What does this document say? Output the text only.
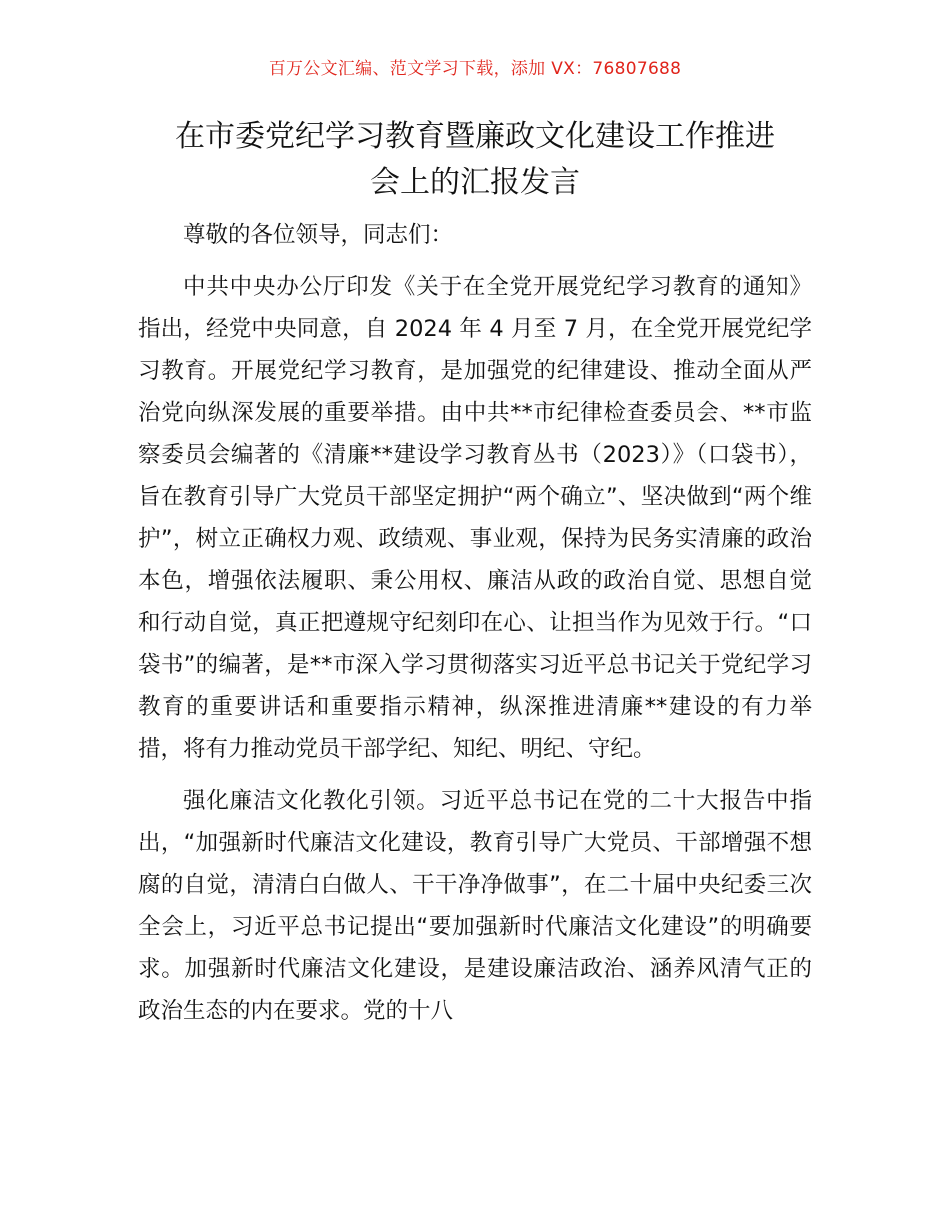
百万公文汇编、范文学习下载，添加 VX：76807688
在市委党纪学习教育暨廉政文化建设工作推进
会上的汇报发言

尊敬的各位领导，同志们：

中共中央办公厅印发《关于在全党开展党纪学习教育的通知》指出，经党中央同意，自 2024 年 4 月至 7 月，在全党开展党纪学习教育。开展党纪学习教育，是加强党的纪律建设、推动全面从严治党向纵深发展的重要举措。由中共**市纪律检查委员会、**市监察委员会编著的《清廉**建设学习教育丛书（2023）》（口袋书），旨在教育引导广大党员干部坚定拥护“两个确立”、坚决做到“两个维护”，树立正确权力观、政绩观、事业观，保持为民务实清廉的政治本色，增强依法履职、秉公用权、廉洁从政的政治自觉、思想自觉和行动自觉，真正把遵规守纪刻印在心、让担当作为见效于行。“口袋书”的编著，是**市深入学习贯彻落实习近平总书记关于党纪学习教育的重要讲话和重要指示精神，纵深推进清廉**建设的有力举措，将有力推动党员干部学纪、知纪、明纪、守纪。

强化廉洁文化教化引领。习近平总书记在党的二十大报告中指出，“加强新时代廉洁文化建设，教育引导广大党员、干部增强不想腐的自觉，清清白白做人、干干净净做事”，在二十届中央纪委三次全会上，习近平总书记提出“要加强新时代廉洁文化建设”的明确要求。加强新时代廉洁文化建设，是建设廉洁政治、涵养风清气正的政治生态的内在要求。党的十八
